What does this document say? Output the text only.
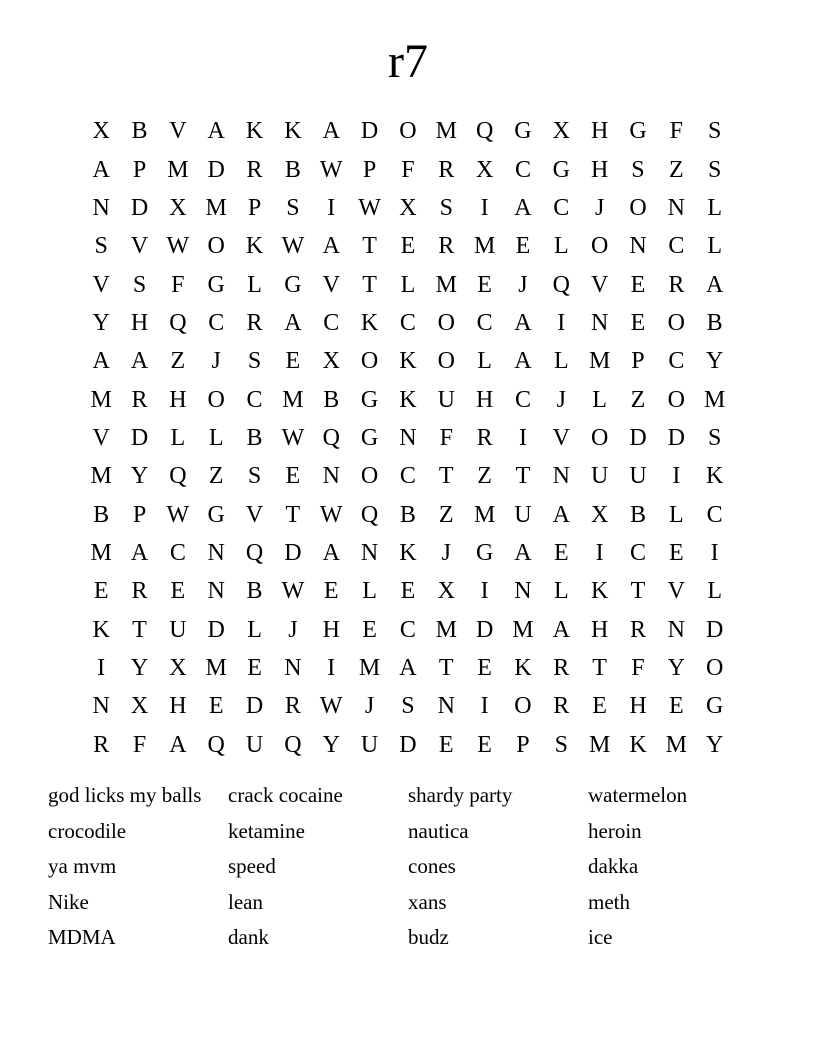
r7
X B V A K K A D O M Q G X H G F	S
A P M D R B W P	F R X C G H S	Z	S
N D X M P	S	I W X S	I	A C	J	O N L
S V W O K W A T E R M E L O N C L
V S	F G L G V T L M E	J	Q V E R A
Y H Q C R A C K C O C A	I	N E O B
A A Z	J	S	E X O K O L A L M P C Y
M R H O C M B G K U H C	J	L Z O M
V D L L B W Q G N F R	I	V O D D S
M Y Q Z	S	E N O C T Z T N U U	I	K
B P W G V T W Q B Z M U A X B L C
M A C N Q D A N K	J	G A E	I	C E	I
E R E N B W E L E X	I	N L K T V L
K T U D L	J	H E C M D M A H R N D
I	Y X M E N	I M A T E K R T	F Y O
N X H E D R W J	S N	I	O R E H E G
R F A Q U Q Y U D E E	P	S M K M Y
god licks my balls	crack cocaine	shardy party	watermelon
crocodile	ketamine	nautica	heroin
ya mvm	speed	cones	dakka
Nike	lean	xans	meth
MDMA	dank	budz	ice
